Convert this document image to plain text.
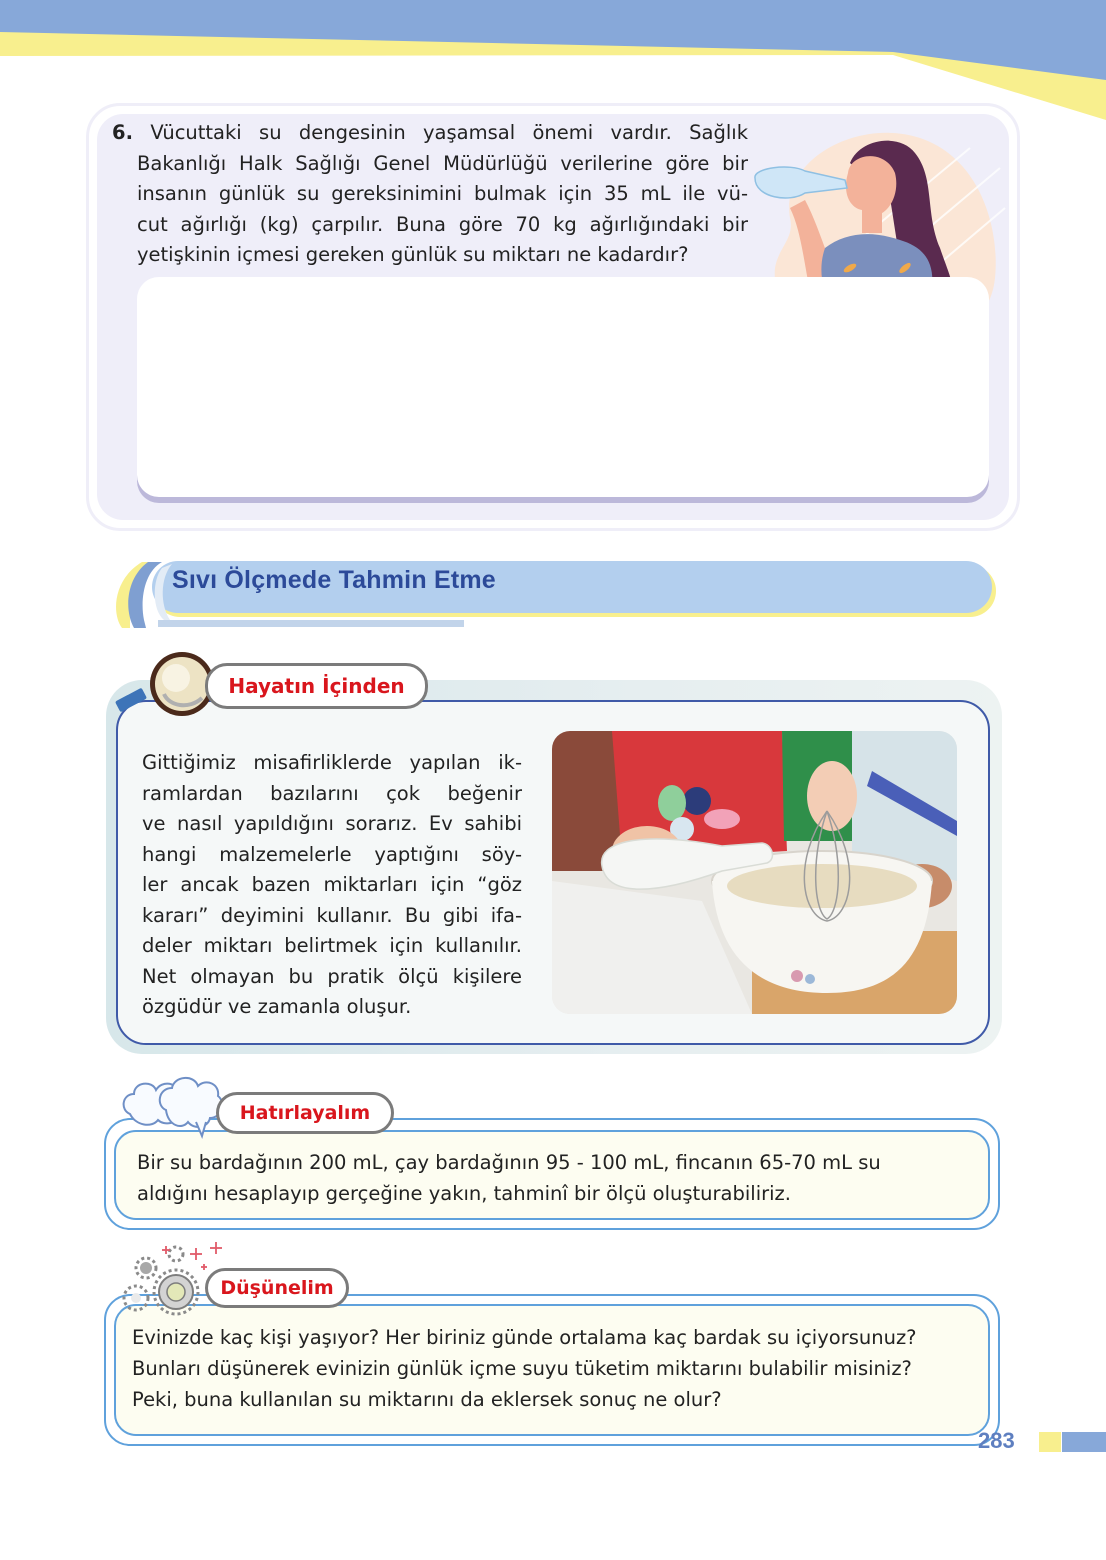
6. Vücuttaki su dengesinin yaşamsal önemi vardır. Sağlık
Bakanlığı Halk Sağlığı Genel Müdürlüğü verilerine göre bir
insanın günlük su gereksinimini bulmak için 35 mL ile vü-
cut ağırlığı (kg) çarpılır. Buna göre 70 kg ağırlığındaki bir
yetişkinin içmesi gereken günlük su miktarı ne kadardır?
Sıvı Ölçmede Tahmin Etme
Hayatın İçinden
Gittiğimiz misafirliklerde yapılan ik-
ramlardan bazılarını çok beğenir
ve nasıl yapıldığını sorarız. Ev sahibi
hangi malzemelerle yaptığını söy-
ler ancak bazen miktarları için “göz
kararı” deyimini kullanır. Bu gibi ifa-
deler miktarı belirtmek için kullanılır.
Net olmayan bu pratik ölçü kişilere
özgüdür ve zamanla oluşur.
Hatırlayalım
Bir su bardağının 200 mL, çay bardağının 95 - 100 mL, fincanın 65-70 mL su
aldığını hesaplayıp gerçeğine yakın, tahminî bir ölçü oluşturabiliriz.
Düşünelim
Evinizde kaç kişi yaşıyor? Her biriniz günde ortalama kaç bardak su içiyorsunuz?
Bunları düşünerek evinizin günlük içme suyu tüketim miktarını bulabilir misiniz?
Peki, buna kullanılan su miktarını da eklersek sonuç ne olur?
283
